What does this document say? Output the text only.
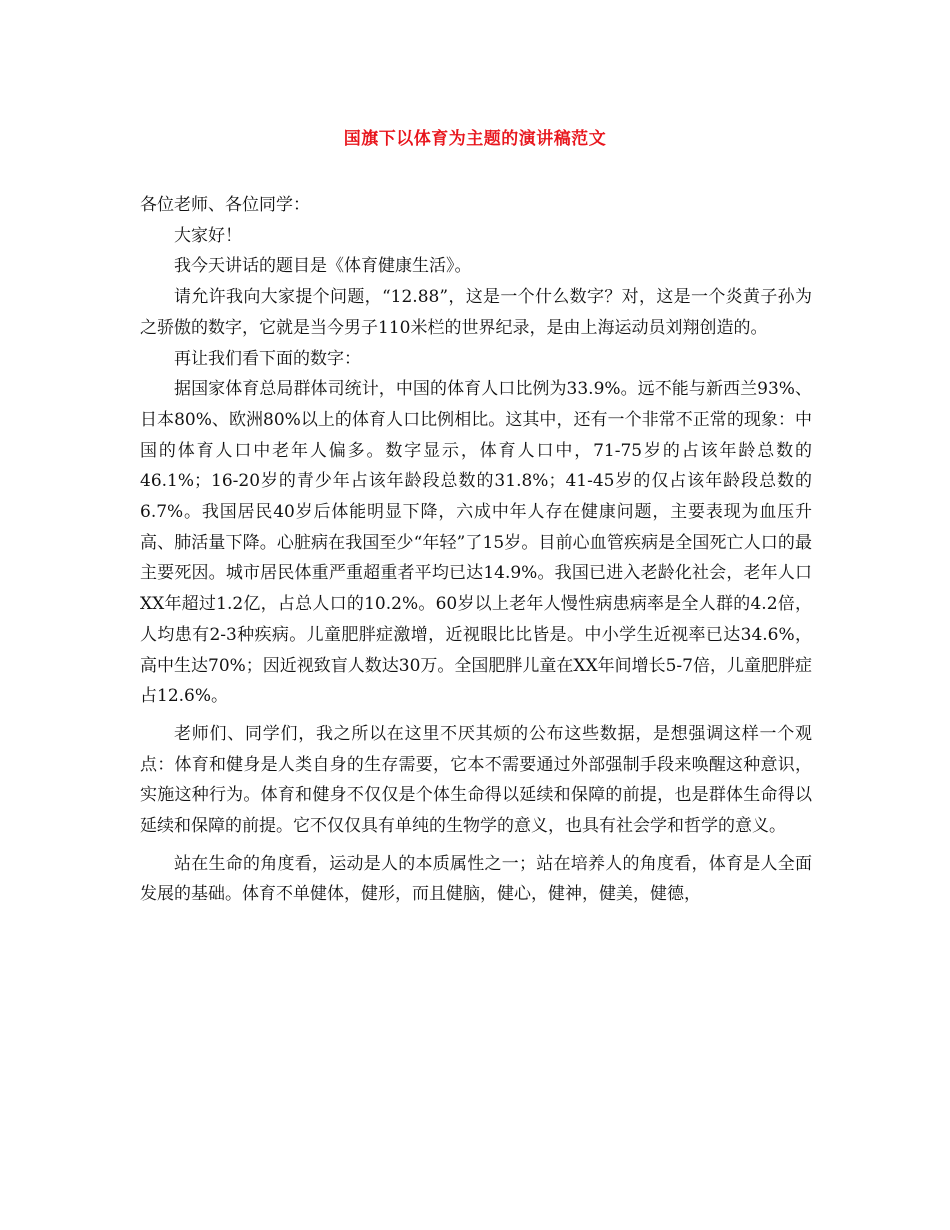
国旗下以体育为主题的演讲稿范文

各位老师、各位同学：

大家好！

我今天讲话的题目是《体育健康生活》。

请允许我向大家提个问题，“12.88”，这是一个什么数字？对，这是一个炎黄子孙为之骄傲的数字，它就是当今男子110米栏的世界纪录，是由上海运动员刘翔创造的。

再让我们看下面的数字：

据国家体育总局群体司统计，中国的体育人口比例为33.9%。远不能与新西兰93%、日本80%、欧洲80%以上的体育人口比例相比。这其中，还有一个非常不正常的现象：中国的体育人口中老年人偏多。数字显示，体育人口中，71-75岁的占该年龄总数的46.1%；16-20岁的青少年占该年龄段总数的31.8%；41-45岁的仅占该年龄段总数的6.7%。我国居民40岁后体能明显下降，六成中年人存在健康问题，主要表现为血压升高、肺活量下降。心脏病在我国至少“年轻”了15岁。目前心血管疾病是全国死亡人口的最主要死因。城市居民体重严重超重者平均已达14.9%。我国已进入老龄化社会，老年人口XX年超过1.2亿，占总人口的10.2%。60岁以上老年人慢性病患病率是全人群的4.2倍，人均患有2-3种疾病。儿童肥胖症激增，近视眼比比皆是。中小学生近视率已达34.6%，高中生达70%；因近视致盲人数达30万。全国肥胖儿童在XX年间增长5-7倍，儿童肥胖症占12.6%。

老师们、同学们，我之所以在这里不厌其烦的公布这些数据，是想强调这样一个观点：体育和健身是人类自身的生存需要，它本不需要通过外部强制手段来唤醒这种意识，实施这种行为。体育和健身不仅仅是个体生命得以延续和保障的前提，也是群体生命得以延续和保障的前提。它不仅仅具有单纯的生物学的意义，也具有社会学和哲学的意义。

站在生命的角度看，运动是人的本质属性之一；站在培养人的角度看，体育是人全面发展的基础。体育不单健体，健形，而且健脑，健心，健神，健美，健德，
